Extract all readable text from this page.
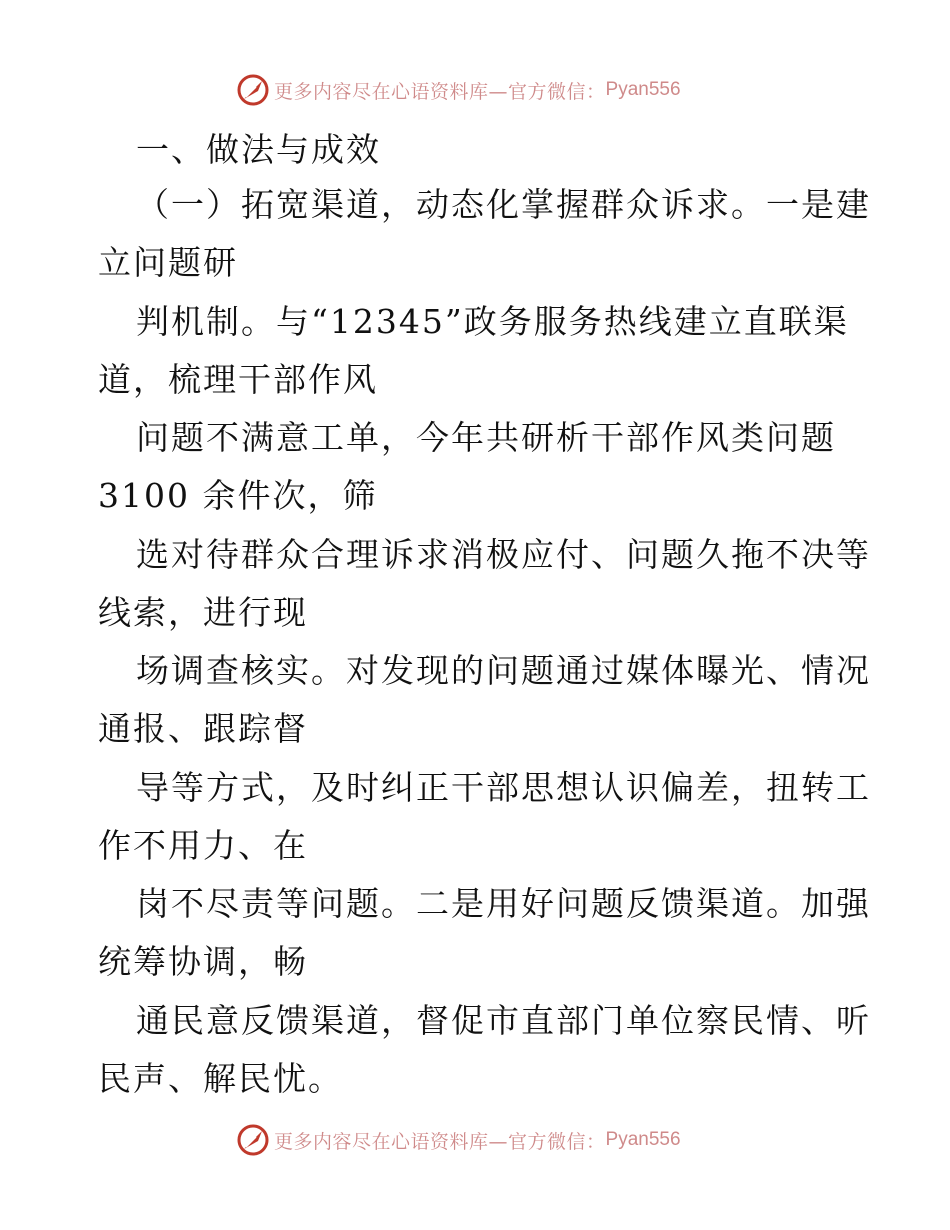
更多内容尽在心语资料库—官方微信： Pyan556
一、做法与成效
（一）拓宽渠道，动态化掌握群众诉求。一是建
立问题研
判机制。与“12345”政务服务热线建立直联渠
道，梳理干部作风
问题不满意工单，今年共研析干部作风类问题
3100 余件次，筛
选对待群众合理诉求消极应付、问题久拖不决等
线索，进行现
场调查核实。对发现的问题通过媒体曝光、情况
通报、跟踪督
导等方式，及时纠正干部思想认识偏差，扭转工
作不用力、在
岗不尽责等问题。二是用好问题反馈渠道。加强
统筹协调，畅
通民意反馈渠道，督促市直部门单位察民情、听
民声、解民忧。
更多内容尽在心语资料库—官方微信： Pyan556
